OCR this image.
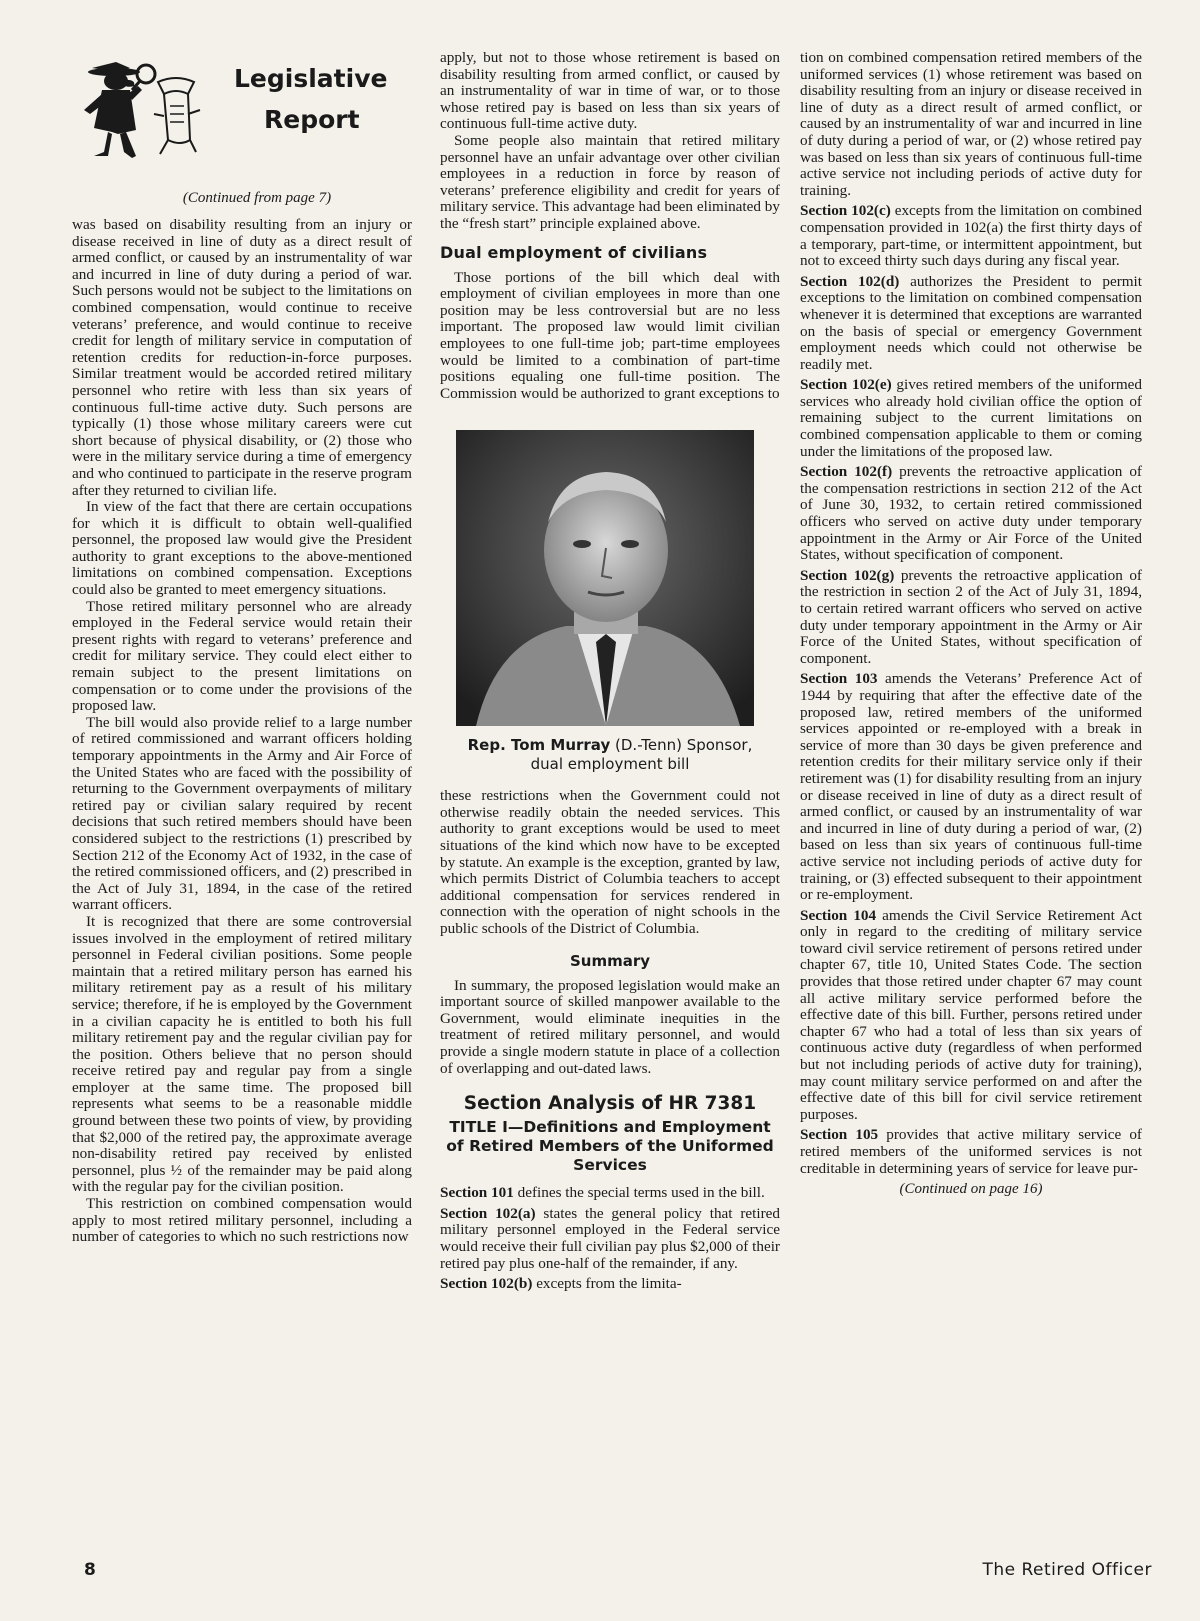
Legislative
Report
(Continued from page 7)

was based on disability resulting from an injury or disease received in line of duty as a direct result of armed conflict, or caused by an instrumentality of war and incurred in line of duty during a period of war. Such persons would not be subject to the limitations on combined compensation, would continue to receive veterans’ preference, and would continue to receive credit for length of military service in computation of retention credits for reduction-in-force purposes. Similar treatment would be accorded retired military personnel who retire with less than six years of continuous full-time active duty. Such persons are typically (1) those whose military careers were cut short because of physical disability, or (2) those who were in the military service during a time of emergency and who continued to participate in the reserve program after they returned to civilian life.

In view of the fact that there are certain occupations for which it is difficult to obtain well-qualified personnel, the proposed law would give the President authority to grant exceptions to the above-mentioned limitations on combined compensation. Exceptions could also be granted to meet emergency situations.

Those retired military personnel who are already employed in the Federal service would retain their present rights with regard to veterans’ preference and credit for military service. They could elect either to remain subject to the present limitations on compensation or to come under the provisions of the proposed law.

The bill would also provide relief to a large number of retired commissioned and warrant officers holding temporary appointments in the Army and Air Force of the United States who are faced with the possibility of returning to the Government overpayments of military retired pay or civilian salary required by recent decisions that such retired members should have been considered subject to the restrictions (1) prescribed by Section 212 of the Economy Act of 1932, in the case of the retired commissioned officers, and (2) prescribed in the Act of July 31, 1894, in the case of the retired warrant officers.

It is recognized that there are some controversial issues involved in the employment of retired military personnel in Federal civilian positions. Some people maintain that a retired military person has earned his military retirement pay as a result of his military service; therefore, if he is employed by the Government in a civilian capacity he is entitled to both his full military retirement pay and the regular civilian pay for the position. Others believe that no person should receive retired pay and regular pay from a single employer at the same time. The proposed bill represents what seems to be a reasonable middle ground between these two points of view, by providing that $2,000 of the retired pay, the approximate average non-disability retired pay received by enlisted personnel, plus ½ of the remainder may be paid along with the regular pay for the civilian position.

This restriction on combined compensation would apply to most retired military personnel, including a number of categories to which no such restrictions now

apply, but not to those whose retirement is based on disability resulting from armed conflict, or caused by an instrumentality of war in time of war, or to those whose retired pay is based on less than six years of continuous full-time active duty.

Some people also maintain that retired military personnel have an unfair advantage over other civilian employees in a reduction in force by reason of veterans’ preference eligibility and credit for years of military service. This advantage had been eliminated by the “fresh start” principle explained above.

Dual employment of civilians

Those portions of the bill which deal with employment of civilian employees in more than one position may be less controversial but are no less important. The proposed law would limit civilian employees to one full-time job; part-time employees would be limited to a combination of part-time positions equaling one full-time position. The Commission would be authorized to grant exceptions to

Rep. Tom Murray (D.-Tenn) Sponsor,
dual employment bill

these restrictions when the Government could not otherwise readily obtain the needed services. This authority to grant exceptions would be used to meet situations of the kind which now have to be excepted by statute. An example is the exception, granted by law, which permits District of Columbia teachers to accept additional compensation for services rendered in connection with the operation of night schools in the public schools of the District of Columbia.

Summary

In summary, the proposed legislation would make an important source of skilled manpower available to the Government, would eliminate inequities in the treatment of retired military personnel, and would provide a single modern statute in place of a collection of overlapping and out-dated laws.

Section Analysis of HR 7381
TITLE I—Definitions and Employment of Retired Members of the Uniformed Services

Section 101 defines the special terms used in the bill.

Section 102(a) states the general policy that retired military personnel employed in the Federal service would receive their full civilian pay plus $2,000 of their retired pay plus one-half of the remainder, if any.

Section 102(b) excepts from the limita-

tion on combined compensation retired members of the uniformed services (1) whose retirement was based on disability resulting from an injury or disease received in line of duty as a direct result of armed conflict, or caused by an instrumentality of war and incurred in line of duty during a period of war, or (2) whose retired pay was based on less than six years of continuous full-time active service not including periods of active duty for training.

Section 102(c) excepts from the limitation on combined compensation provided in 102(a) the first thirty days of a temporary, part-time, or intermittent appointment, but not to exceed thirty such days during any fiscal year.

Section 102(d) authorizes the President to permit exceptions to the limitation on combined compensation whenever it is determined that exceptions are warranted on the basis of special or emergency Government employment needs which could not otherwise be readily met.

Section 102(e) gives retired members of the uniformed services who already hold civilian office the option of remaining subject to the current limitations on combined compensation applicable to them or coming under the limitations of the proposed law.

Section 102(f) prevents the retroactive application of the compensation restrictions in section 212 of the Act of June 30, 1932, to certain retired commissioned officers who served on active duty under temporary appointment in the Army or Air Force of the United States, without specification of component.

Section 102(g) prevents the retroactive application of the restriction in section 2 of the Act of July 31, 1894, to certain retired warrant officers who served on active duty under temporary appointment in the Army or Air Force of the United States, without specification of component.

Section 103 amends the Veterans’ Preference Act of 1944 by requiring that after the effective date of the proposed law, retired members of the uniformed services appointed or re-employed with a break in service of more than 30 days be given preference and retention credits for their military service only if their retirement was (1) for disability resulting from an injury or disease received in line of duty as a direct result of armed conflict, or caused by an instrumentality of war and incurred in line of duty during a period of war, (2) based on less than six years of continuous full-time active service not including periods of active duty for training, or (3) effected subsequent to their appointment or re-employment.

Section 104 amends the Civil Service Retirement Act only in regard to the crediting of military service toward civil service retirement of persons retired under chapter 67, title 10, United States Code. The section provides that those retired under chapter 67 may count all active military service performed before the effective date of this bill. Further, persons retired under chapter 67 who had a total of less than six years of continuous active duty (regardless of when performed but not including periods of active duty for training), may count military service performed on and after the effective date of this bill for civil service retirement purposes.

Section 105 provides that active military service of retired members of the uniformed services is not creditable in determining years of service for leave pur-

(Continued on page 16)
8	The Retired Officer
